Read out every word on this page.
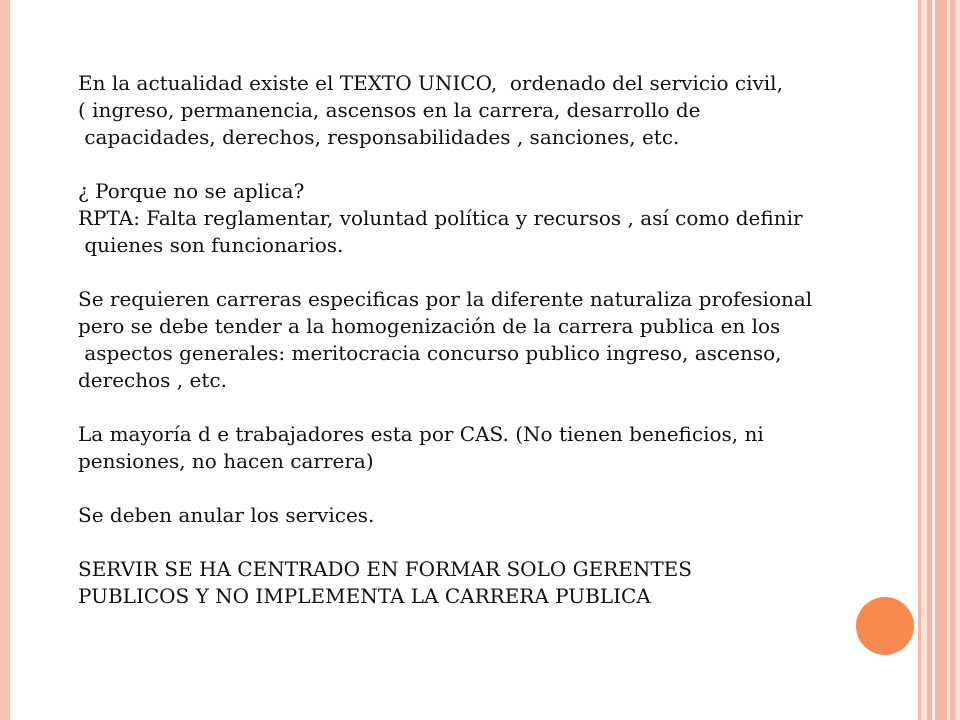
En la actualidad existe el TEXTO UNICO,  ordenado del servicio civil,
( ingreso, permanencia, ascensos en la carrera, desarrollo de
capacidades, derechos, responsabilidades , sanciones, etc.
¿ Porque no se aplica?
RPTA: Falta reglamentar, voluntad política y recursos , así como definir
quienes son funcionarios.
Se requieren carreras especificas por la diferente naturaliza profesional
pero se debe tender a la homogenización de la carrera publica en los
aspectos generales: meritocracia concurso publico ingreso, ascenso,
derechos , etc.
La mayoría d e trabajadores esta por CAS. (No tienen beneficios, ni
pensiones, no hacen carrera)
Se deben anular los services.
SERVIR SE HA CENTRADO EN FORMAR SOLO GERENTES
PUBLICOS Y NO IMPLEMENTA LA CARRERA PUBLICA
